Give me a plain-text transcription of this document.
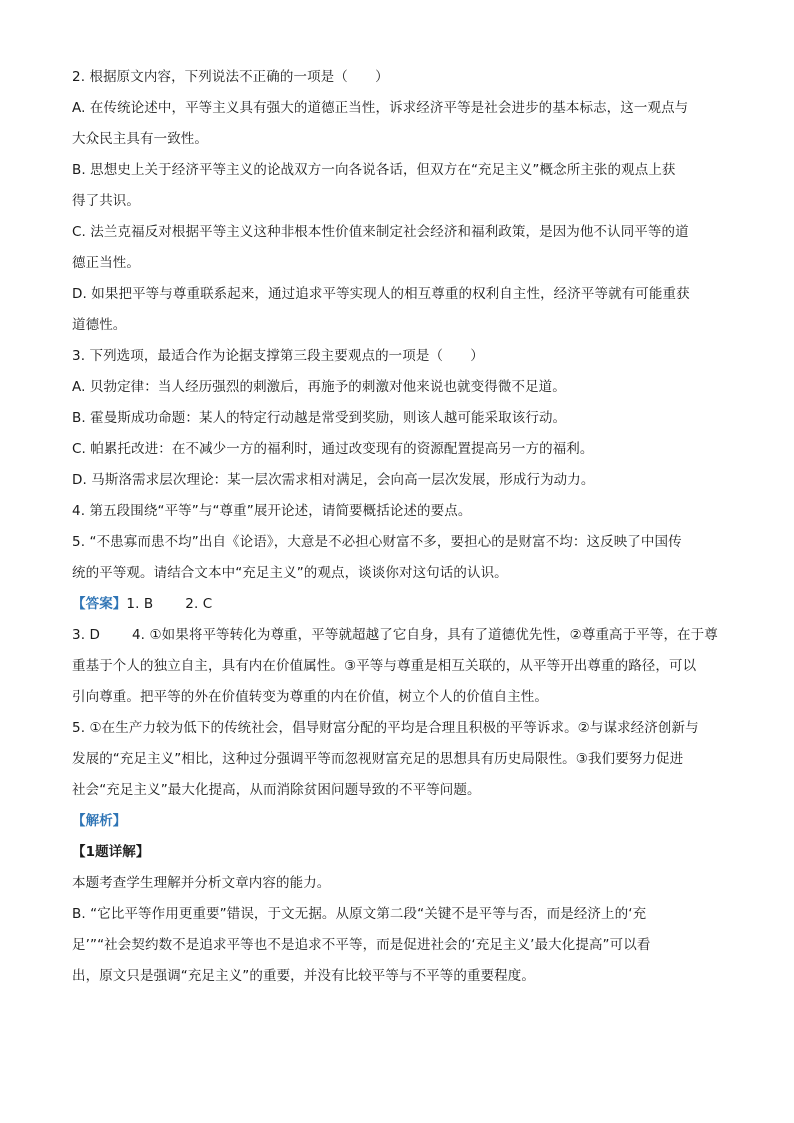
2. 根据原文内容，下列说法不正确的一项是（　　）
A. 在传统论述中，平等主义具有强大的道德正当性，诉求经济平等是社会进步的基本标志，这一观点与
大众民主具有一致性。
B. 思想史上关于经济平等主义的论战双方一向各说各话，但双方在“充足主义”概念所主张的观点上获
得了共识。
C. 法兰克福反对根据平等主义这种非根本性价值来制定社会经济和福利政策，是因为他不认同平等的道
德正当性。
D. 如果把平等与尊重联系起来，通过追求平等实现人的相互尊重的权利自主性，经济平等就有可能重获
道德性。
3. 下列选项，最适合作为论据支撑第三段主要观点的一项是（　　）
A. 贝勃定律：当人经历强烈的刺激后，再施予的刺激对他来说也就变得微不足道。
B. 霍曼斯成功命题：某人的特定行动越是常受到奖励，则该人越可能采取该行动。
C. 帕累托改进：在不减少一方的福利时，通过改变现有的资源配置提高另一方的福利。
D. 马斯洛需求层次理论：某一层次需求相对满足，会向高一层次发展，形成行为动力。
4. 第五段围绕“平等”与“尊重”展开论述，请简要概括论述的要点。
5. “不患寡而患不均”出自《论语》，大意是不必担心财富不多，要担心的是财富不均：这反映了中国传
统的平等观。请结合文本中“充足主义”的观点，谈谈你对这句话的认识。
【答案】1. B 2. C
3. D 4. ①如果将平等转化为尊重，平等就超越了它自身，具有了道德优先性，②尊重高于平等，在于尊
重基于个人的独立自主，具有内在价值属性。③平等与尊重是相互关联的，从平等开出尊重的路径，可以
引向尊重。把平等的外在价值转变为尊重的内在价值，树立个人的价值自主性。
5. ①在生产力较为低下的传统社会，倡导财富分配的平均是合理且积极的平等诉求。②与谋求经济创新与
发展的“充足主义”相比，这种过分强调平等而忽视财富充足的思想具有历史局限性。③我们要努力促进
社会“充足主义”最大化提高，从而消除贫困问题导致的不平等问题。
【解析】
【1题详解】
本题考查学生理解并分析文章内容的能力。
B. “它比平等作用更重要”错误，于文无据。从原文第二段“关键不是平等与否，而是经济上的‘充
足’”“社会契约数不是追求平等也不是追求不平等，而是促进社会的‘充足主义’最大化提高”可以看
出，原文只是强调“充足主义”的重要，并没有比较平等与不平等的重要程度。
